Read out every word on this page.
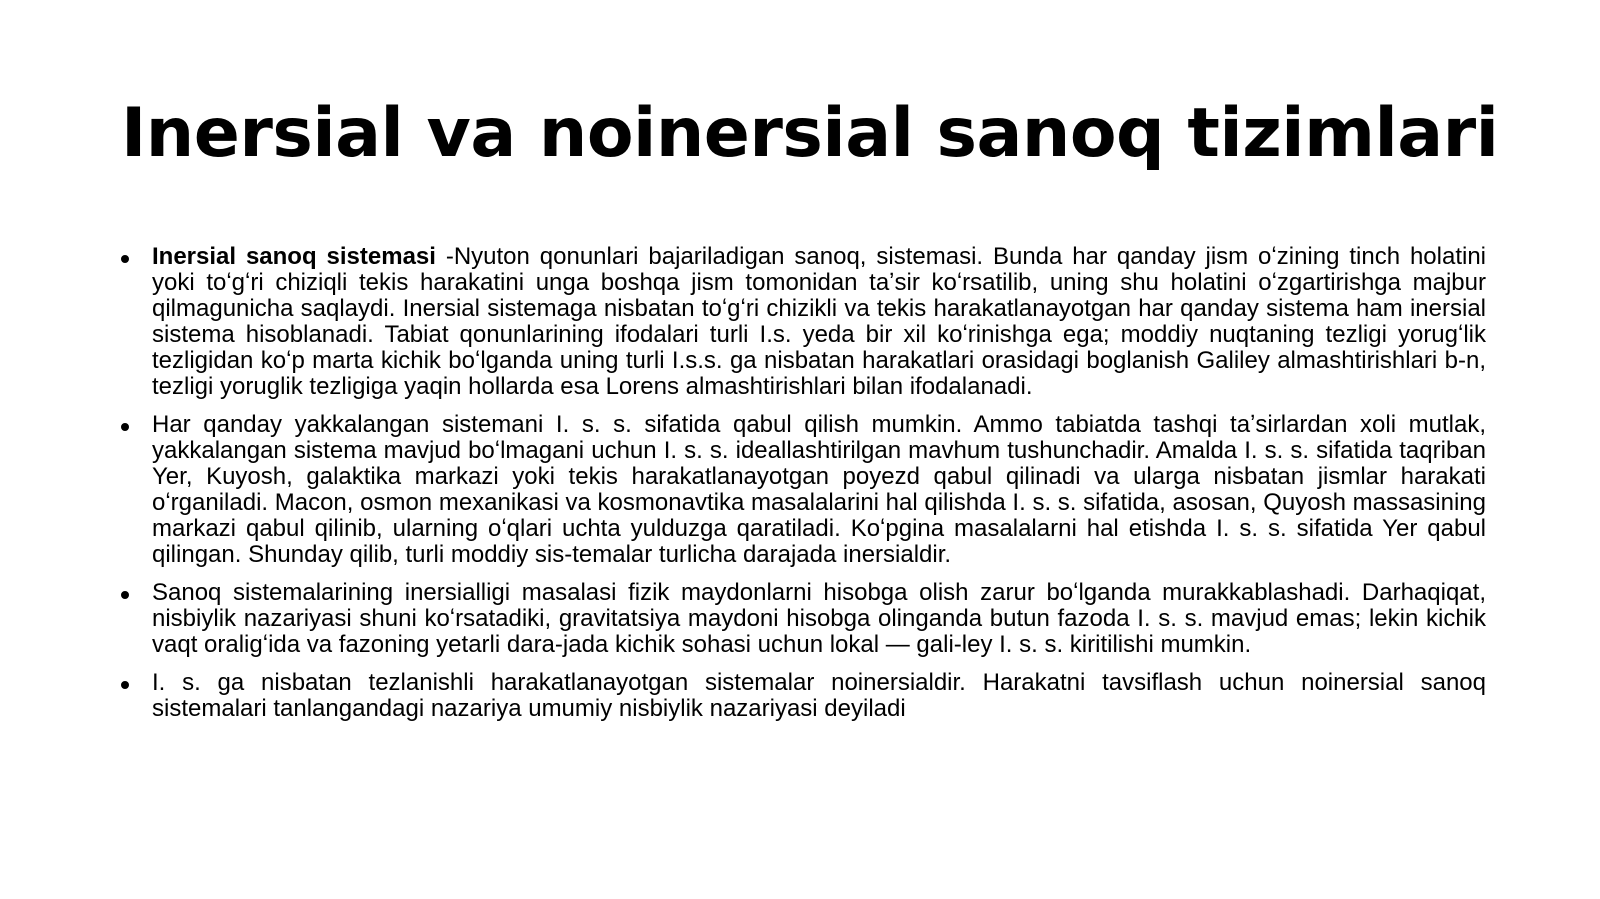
Inersial va noinersial sanoq tizimlari
Inersial sanoq sistemasi -Nyuton qonunlari bajariladigan sanoq, sistemasi. Bunda har qanday jism oʻzining tinch holatini yoki toʻgʻri chiziqli tekis harakatini unga boshqa jism tomonidan taʼsir koʻrsatilib, uning shu holatini oʻzgartirishga majbur qilmagunicha saqlaydi. Inersial sistemaga nisbatan toʻgʻri chizikli va tekis harakatlanayotgan har qanday sistema ham inersial sistema hisoblanadi. Tabiat qonunlarining ifodalari turli I.s. yeda bir xil koʻrinishga ega; moddiy nuqtaning tezligi yorugʻlik tezligidan koʻp marta kichik boʻlganda uning turli I.s.s. ga nisbatan harakatlari orasidagi boglanish Galiley almashtirishlari b-n, tezligi yoruglik tezligiga yaqin hollarda esa Lorens almashtirishlari bilan ifodalanadi.
Har qanday yakkalangan sistemani I. s. s. sifatida qabul qilish mumkin. Ammo tabiatda tashqi taʼsirlardan xoli mutlak, yakkalangan sistema mavjud boʻlmagani uchun I. s. s. ideallashtirilgan mavhum tushunchadir. Amalda I. s. s. sifatida taqriban Yer, Kuyosh, galaktika markazi yoki tekis harakatlanayotgan poyezd qabul qilinadi va ularga nisbatan jismlar harakati oʻrganiladi. Macon, osmon mexanikasi va kosmonavtika masalalarini hal qilishda I. s. s. sifatida, asosan, Quyosh massasining markazi qabul qilinib, ularning oʻqlari uchta yulduzga qaratiladi. Koʻpgina masalalarni hal etishda I. s. s. sifatida Yer qabul qilingan. Shunday qilib, turli moddiy sis-temalar turlicha darajada inersialdir.
Sanoq sistemalarining inersialligi masalasi fizik maydonlarni hisobga olish zarur boʻlganda murakkablashadi. Darhaqiqat, nisbiylik nazariyasi shuni koʻrsatadiki, gravitatsiya maydoni hisobga olinganda butun fazoda I. s. s. mavjud emas; lekin kichik vaqt oraligʻida va fazoning yetarli dara-jada kichik sohasi uchun lokal — gali-ley I. s. s. kiritilishi mumkin.
I. s. ga nisbatan tezlanishli harakatlanayotgan sistemalar noinersialdir. Harakatni tavsiflash uchun noinersial sanoq sistemalari tanlangandagi nazariya umumiy nisbiylik nazariyasi deyiladi
